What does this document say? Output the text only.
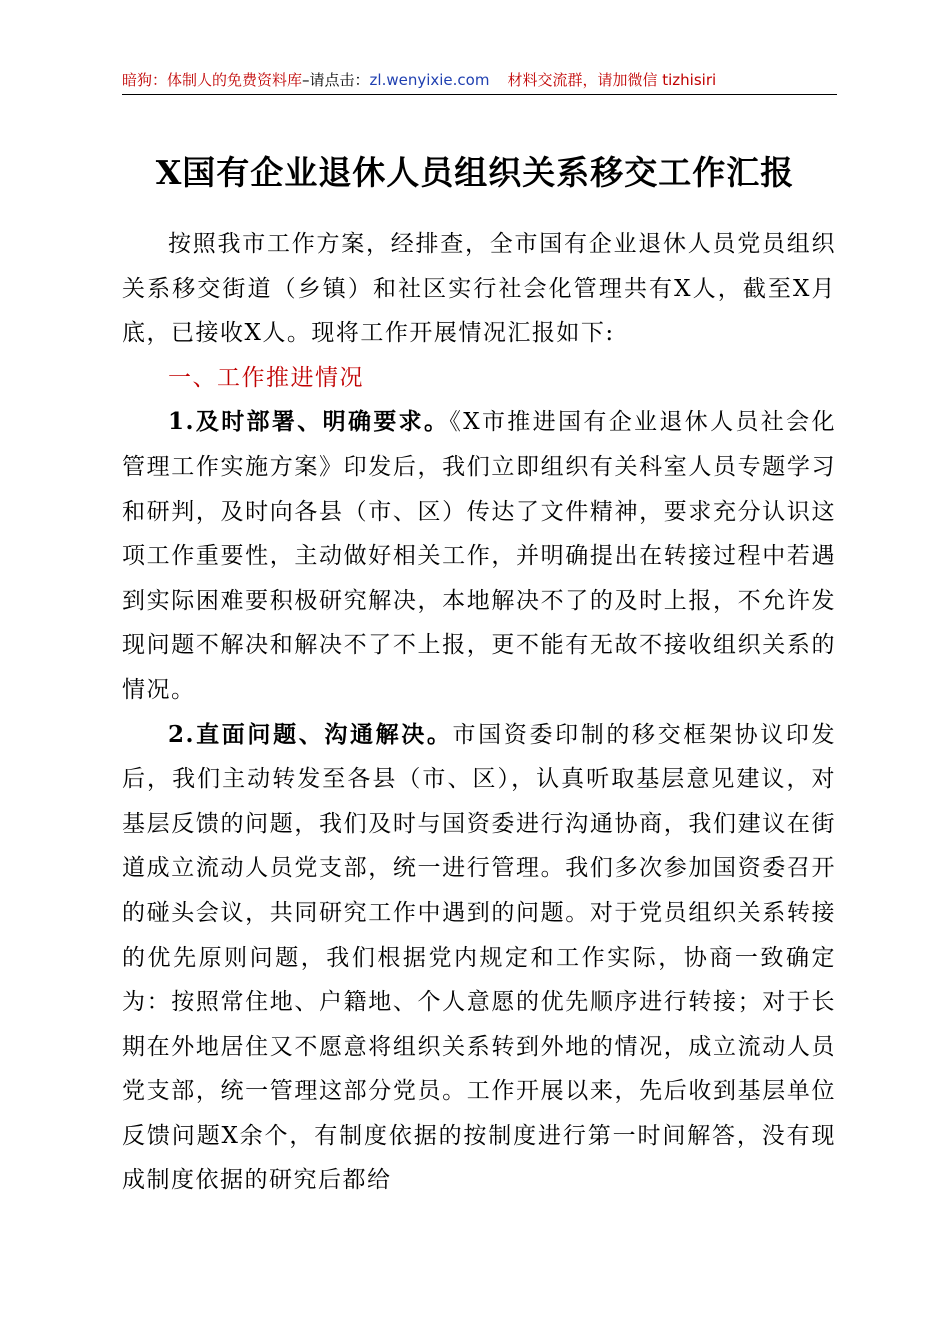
暗狗：体制人的免费资料库–请点击：zl.wenyixie.com 材料交流群，请加微信 tizhisiri
X国有企业退休人员组织关系移交工作汇报

按照我市工作方案，经排查，全市国有企业退休人员党员组织关系移交街道（乡镇）和社区实行社会化管理共有X人，截至X月底，已接收X人。现将工作开展情况汇报如下:

一、工作推进情况

1.及时部署、明确要求。《X市推进国有企业退休人员社会化管理工作实施方案》印发后，我们立即组织有关科室人员专题学习和研判，及时向各县（市、区）传达了文件精神，要求充分认识这项工作重要性，主动做好相关工作，并明确提出在转接过程中若遇到实际困难要积极研究解决，本地解决不了的及时上报，不允许发现问题不解决和解决不了不上报，更不能有无故不接收组织关系的情况。

2.直面问题、沟通解决。市国资委印制的移交框架协议印发后，我们主动转发至各县（市、区），认真听取基层意见建议，对基层反馈的问题，我们及时与国资委进行沟通协商，我们建议在街道成立流动人员党支部，统一进行管理。我们多次参加国资委召开的碰头会议，共同研究工作中遇到的问题。对于党员组织关系转接的优先原则问题，我们根据党内规定和工作实际，协商一致确定为：按照常住地、户籍地、个人意愿的优先顺序进行转接；对于长期在外地居住又不愿意将组织关系转到外地的情况，成立流动人员党支部，统一管理这部分党员。工作开展以来，先后收到基层单位反馈问题X余个，有制度依据的按制度进行第一时间解答，没有现成制度依据的研究后都给
